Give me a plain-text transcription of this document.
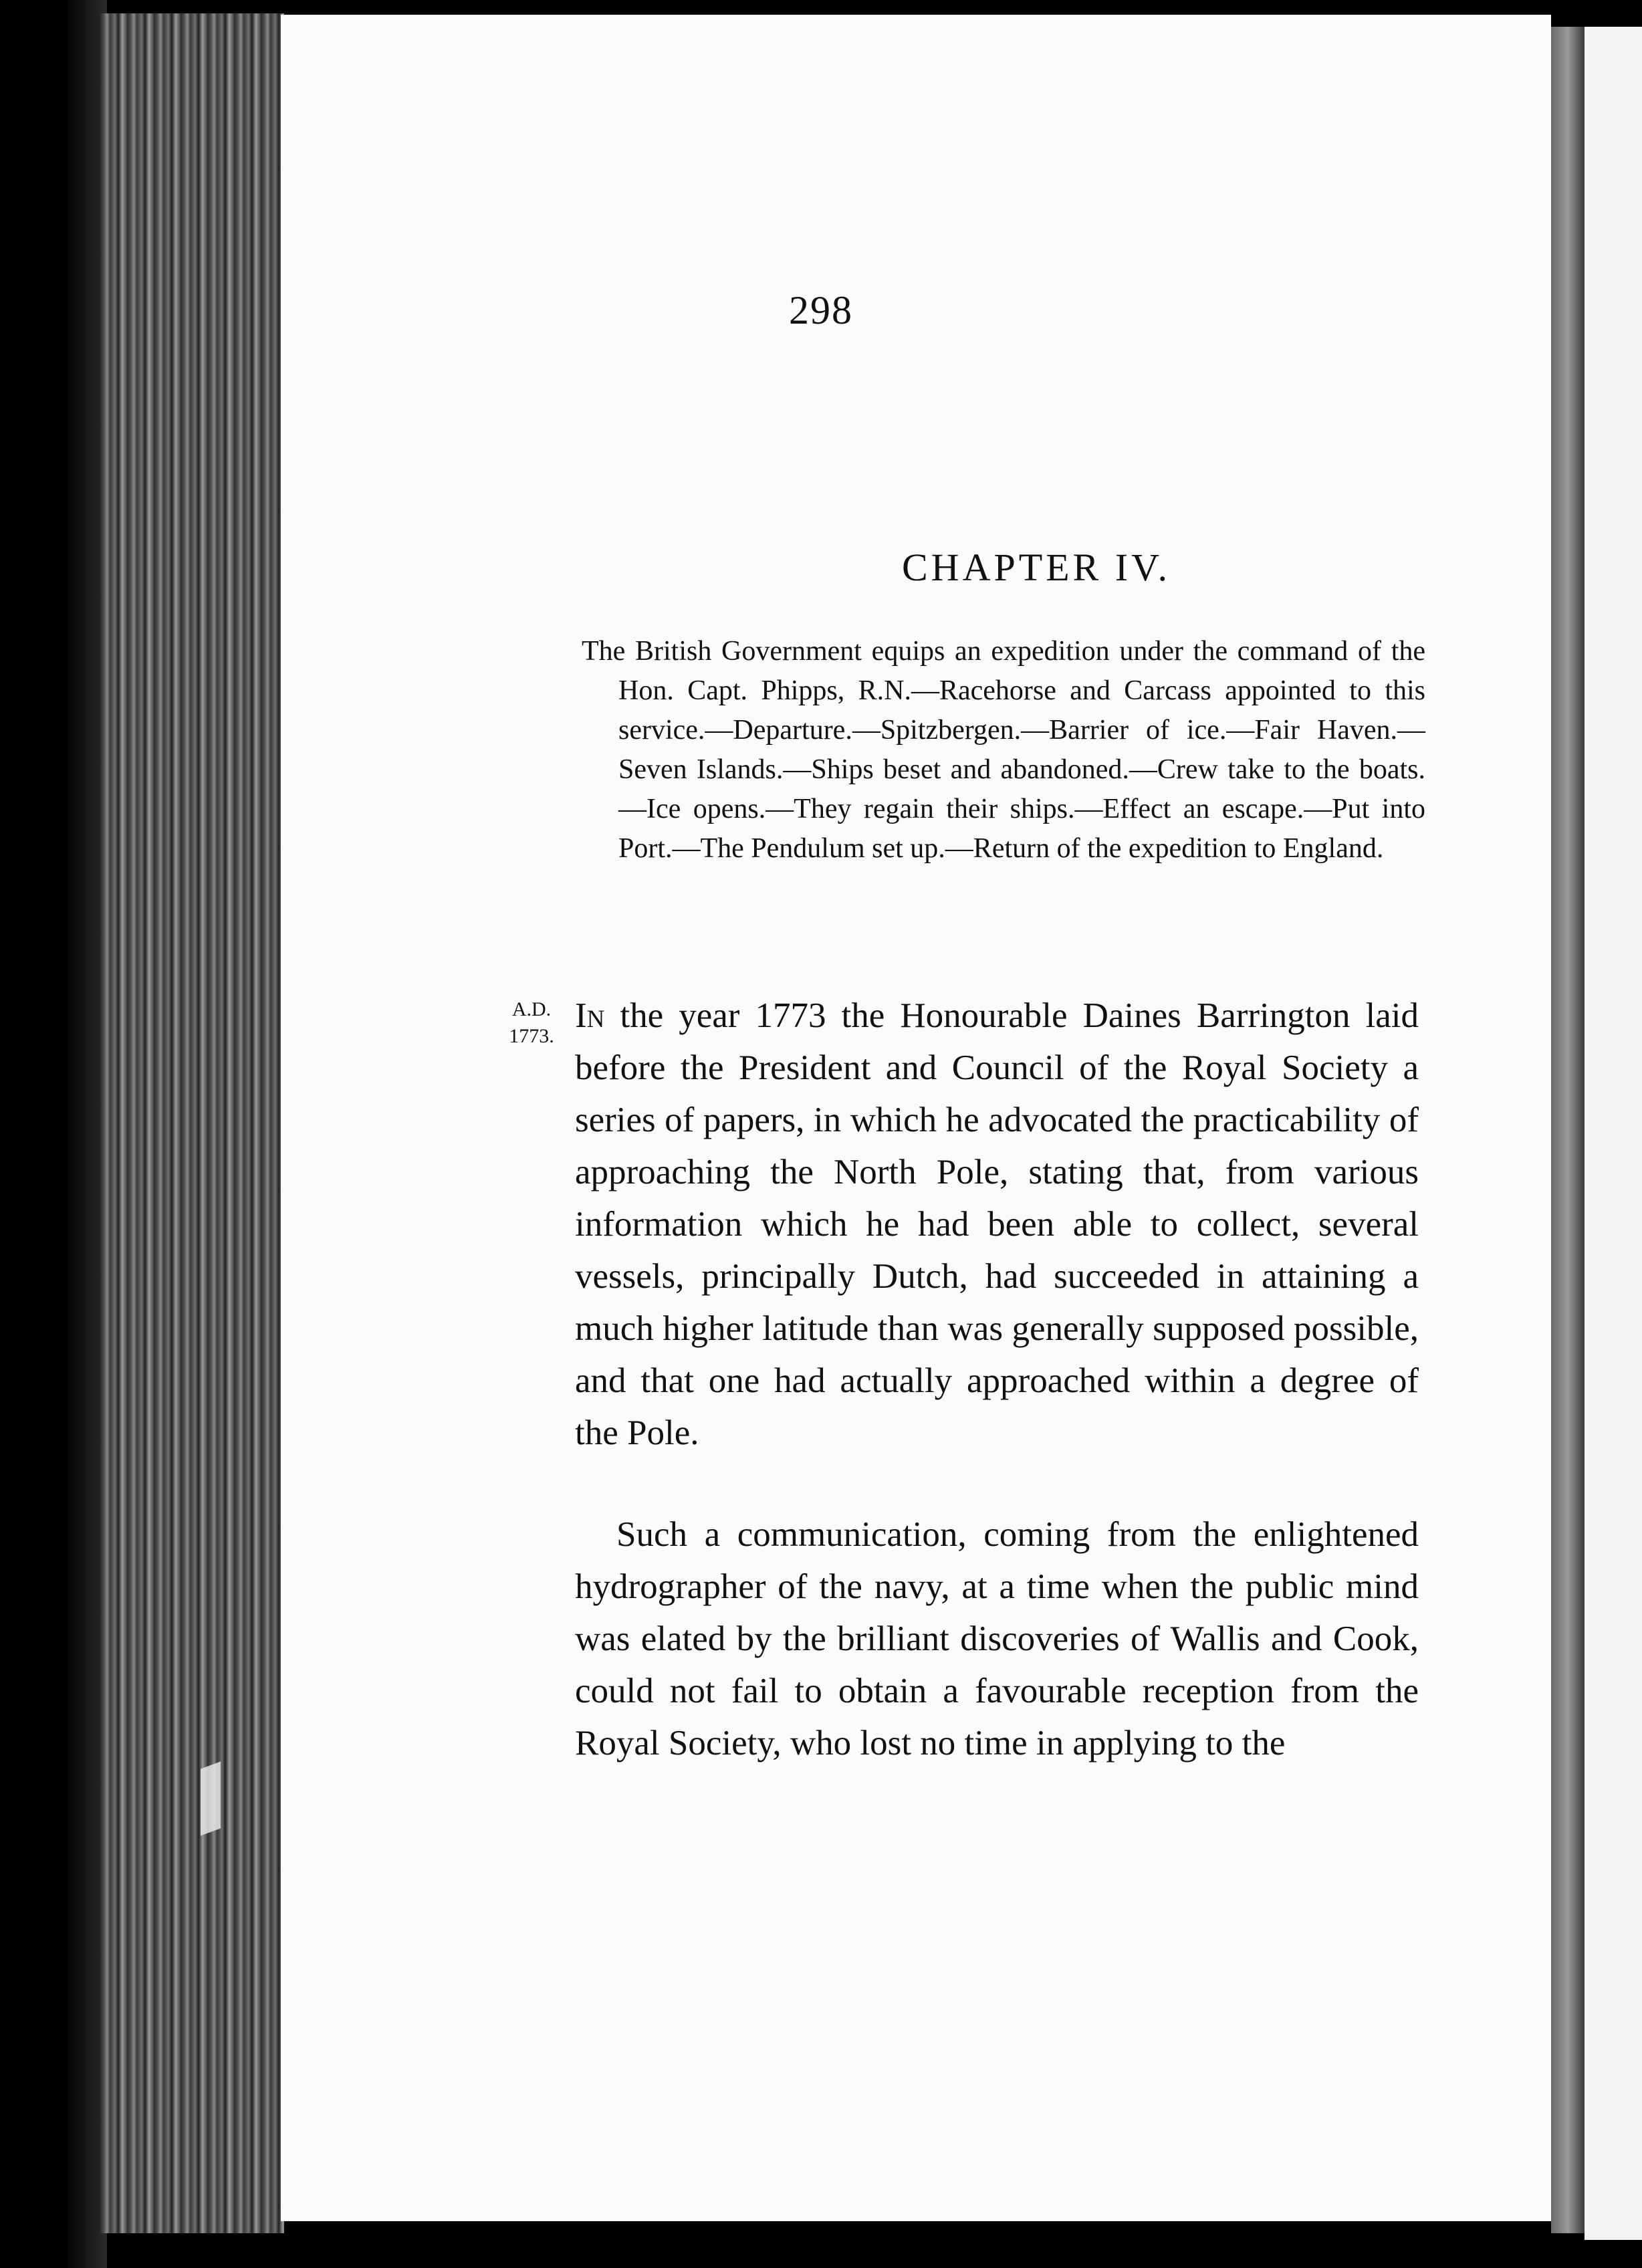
298
CHAPTER IV.
The British Government equips an expedition under the command of the Hon. Capt. Phipps, R.N.—Racehorse and Carcass appointed to this service.—Departure.—Spitzbergen.—Barrier of ice.—Fair Haven.—Seven Islands.—Ships beset and abandoned.—Crew take to the boats.—Ice opens.—They regain their ships.—Effect an escape.—Put into Port.—The Pendulum set up.—Return of the expedition to England.
A.D.
1773.
In the year 1773 the Honourable Daines Barrington laid before the President and Council of the Royal Society a series of papers, in which he advocated the practicability of approaching the North Pole, stating that, from various information which he had been able to collect, several vessels, principally Dutch, had succeeded in attaining a much higher latitude than was generally supposed possible, and that one had actually approached within a degree of the Pole.
Such a communication, coming from the enlightened hydrographer of the navy, at a time when the public mind was elated by the brilliant discoveries of Wallis and Cook, could not fail to obtain a favourable reception from the Royal Society, who lost no time in applying to the
